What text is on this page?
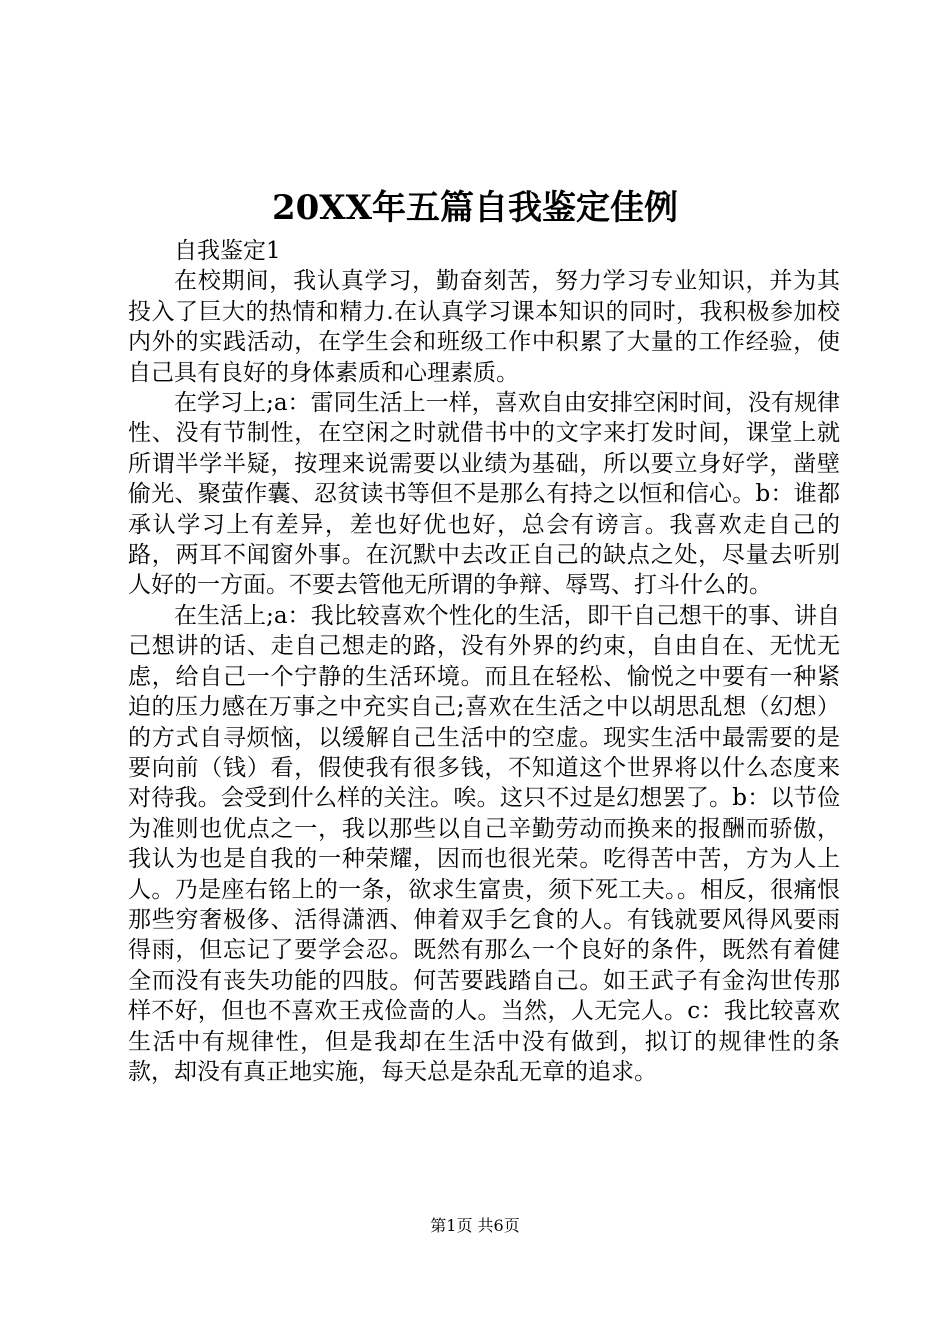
20XX年五篇自我鉴定佳例

自我鉴定1

在校期间，我认真学习，勤奋刻苦，努力学习专业知识，并为其投入了巨大的热情和精力.在认真学习课本知识的同时，我积极参加校内外的实践活动，在学生会和班级工作中积累了大量的工作经验，使自己具有良好的身体素质和心理素质。

在学习上;a：雷同生活上一样，喜欢自由安排空闲时间，没有规律性、没有节制性，在空闲之时就借书中的文字来打发时间，课堂上就所谓半学半疑，按理来说需要以业绩为基础，所以要立身好学，凿壁偷光、聚萤作囊、忍贫读书等但不是那么有持之以恒和信心。b：谁都承认学习上有差异，差也好优也好，总会有谤言。我喜欢走自己的路，两耳不闻窗外事。在沉默中去改正自己的缺点之处，尽量去听别人好的一方面。不要去管他无所谓的争辩、辱骂、打斗什么的。

在生活上;a：我比较喜欢个性化的生活，即干自己想干的事、讲自己想讲的话、走自己想走的路，没有外界的约束，自由自在、无忧无虑，给自己一个宁静的生活环境。而且在轻松、愉悦之中要有一种紧迫的压力感在万事之中充实自己;喜欢在生活之中以胡思乱想（幻想）的方式自寻烦恼，以缓解自己生活中的空虚。现实生活中最需要的是要向前（钱）看，假使我有很多钱，不知道这个世界将以什么态度来对待我。会受到什么样的关注。唉。这只不过是幻想罢了。b：以节俭为准则也优点之一，我以那些以自己辛勤劳动而换来的报酬而骄傲，我认为也是自我的一种荣耀，因而也很光荣。吃得苦中苦，方为人上人。乃是座右铭上的一条，欲求生富贵，须下死工夫。。相反，很痛恨那些穷奢极侈、活得潇洒、伸着双手乞食的人。有钱就要风得风要雨得雨，但忘记了要学会忍。既然有那么一个良好的条件，既然有着健全而没有丧失功能的四肢。何苦要践踏自己。如王武子有金沟世传那样不好，但也不喜欢王戎俭啬的人。当然，人无完人。c：我比较喜欢生活中有规律性，但是我却在生活中没有做到，拟订的规律性的条款，却没有真正地实施，每天总是杂乱无章的追求。

第1页 共6页
